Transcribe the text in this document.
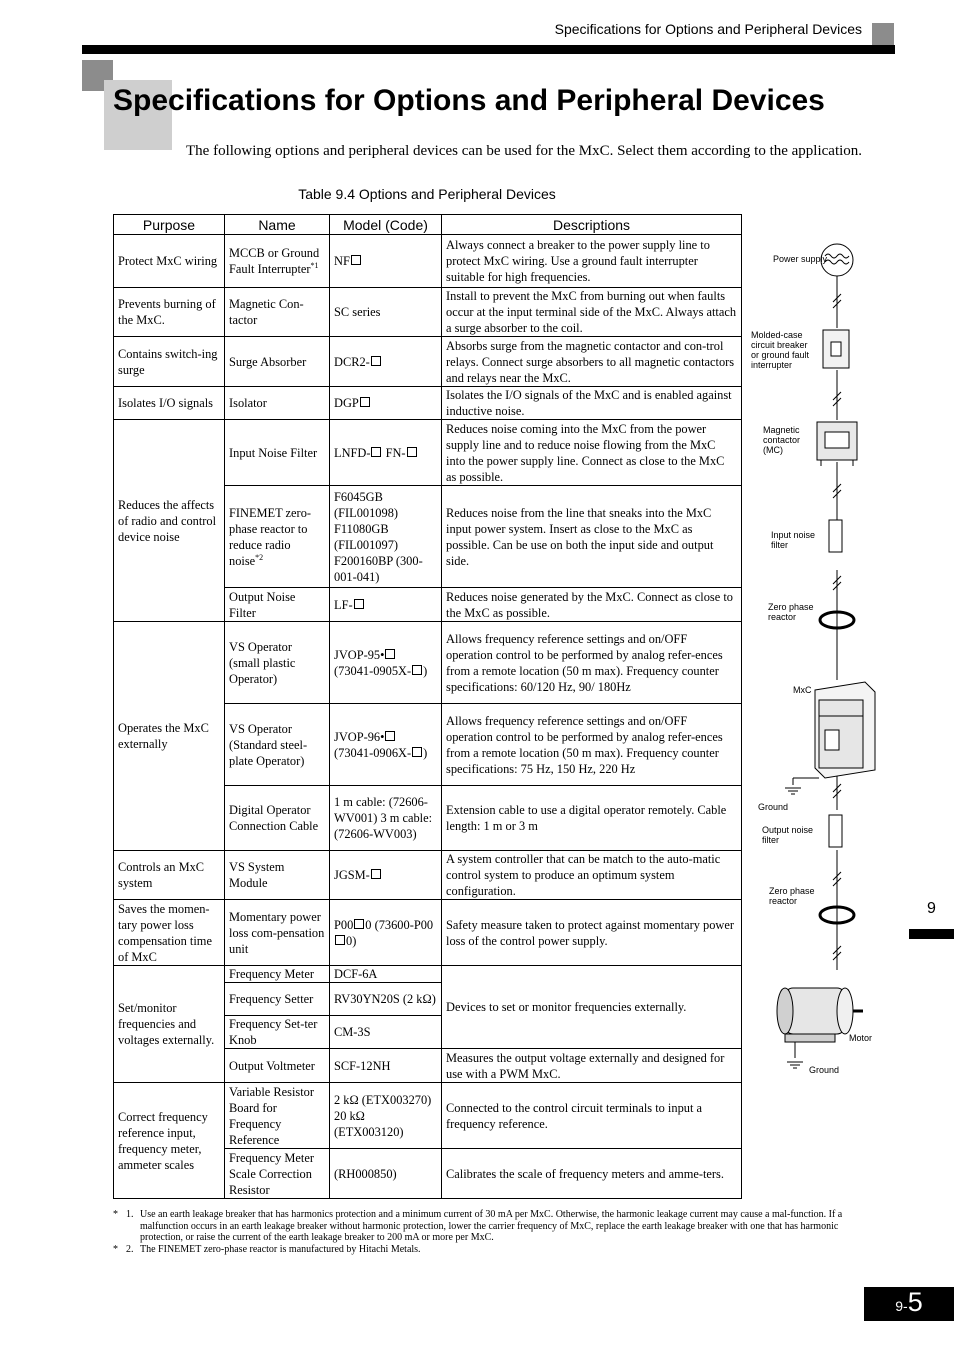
Specifications for Options and Peripheral Devices
Specifications for Options and Peripheral Devices

The following options and peripheral devices can be used for the MxC. Select them according to the application.

Table 9.4 Options and Peripheral Devices
Purpose	Name	Model (Code)	Descriptions
Protect MxC wiring	MCCB or Ground Fault Interrupter$^{*1}$	NF	Always connect a breaker to the power supply line to protect MxC wiring. Use a ground fault interrupter suitable for high frequencies.
Prevents burning of the MxC.	Magnetic Con-tactor	SC series	Install to prevent the MxC from burning out when faults occur at the input terminal side of the MxC. Always attach a surge absorber to the coil.
Contains switch-ing surge	Surge Absorber	DCR2-	Absorbs surge from the magnetic contactor and con-trol relays. Connect surge absorbers to all magnetic contactors and relays near the MxC.
Isolates I/O signals	Isolator	DGP	Isolates the I/O signals of the MxC and is enabled against inductive noise.
Reduces the affects of radio and control device noise	Input Noise Filter	LNFD- FN-	Reduces noise coming into the MxC from the power supply line and to reduce noise flowing from the MxC into the power supply line. Connect as close to the MxC as possible.
	FINEMET zero-phase reactor to reduce radio noise$^{*2}$	F6045GB (FIL001098) F11080GB (FIL001097) F200160BP (300-001-041)	Reduces noise from the line that sneaks into the MxC input power system. Insert as close to the MxC as possible. Can be use on both the input side and output side.
	Output Noise Filter	LF-	Reduces noise generated by the MxC. Connect as close to the MxC as possible.
Operates the MxC externally	VS Operator (small plastic Operator)	JVOP-95• (73041-0905X- )	Allows frequency reference settings and on/OFF operation control to be performed by analog refer-ences from a remote location (50 m max). Frequency counter specifications: 60/120 Hz, 90/ 180Hz
	VS Operator (Standard steel-plate Operator)	JVOP-96• (73041-0906X- )	Allows frequency reference settings and on/OFF operation control to be performed by analog refer-ences from a remote location (50 m max). Frequency counter specifications: 75 Hz, 150 Hz, 220 Hz
	Digital Operator Connection Cable	1 m cable: (72606-WV001) 3 m cable: (72606-WV003)	Extension cable to use a digital operator remotely. Cable length: 1 m or 3 m
Controls an MxC system	VS System Module	JGSM-	A system controller that can be match to the auto-matic control system to produce an optimum system configuration.
Saves the momen-tary power loss compensation time of MxC	Momentary power loss com-pensation unit	P00 0 (73600-P000)	Safety measure taken to protect against momentary power loss of the control power supply.
Set/monitor frequencies and voltages externally.	Frequency Meter	DCF-6A	Devices to set or monitor frequencies externally.
	Frequency Setter	RV30YN20S (2 kΩ)	
	Frequency Set-ter Knob	CM-3S	
	Output Voltmeter	SCF-12NH	Measures the output voltage externally and designed for use with a PWM MxC.
Correct frequency reference input, frequency meter, ammeter scales	Variable Resistor Board for Frequency Reference	2 kΩ (ETX003270) 20 kΩ (ETX003120)	Connected to the control circuit terminals to input a frequency reference.
	Frequency Meter Scale Correction Resistor	(RH000850)	Calibrates the scale of frequency meters and amme-ters.
* 1. Use an earth leakage breaker that has harmonics protection and a minimum current of 30 mA per MxC. Otherwise, the harmonic leakage current may cause a mal-function. If a malfunction occurs in an earth leakage breaker without harmonic protection, lower the carrier frequency of MxC, replace the earth leakage breaker with one that has harmonic protection, or raise the current of the earth leakage breaker to 200 mA or more per MxC.
* 2. The FINEMET zero-phase reactor is manufactured by Hitachi Metals.
9
9- 5
Power supply
Molded-case circuit breaker or ground fault interrupter
Magnetic contactor (MC)
Input noise filter
Zero phase reactor
MxC
Ground
Output noise filter
Zero phase reactor
Motor
Ground
